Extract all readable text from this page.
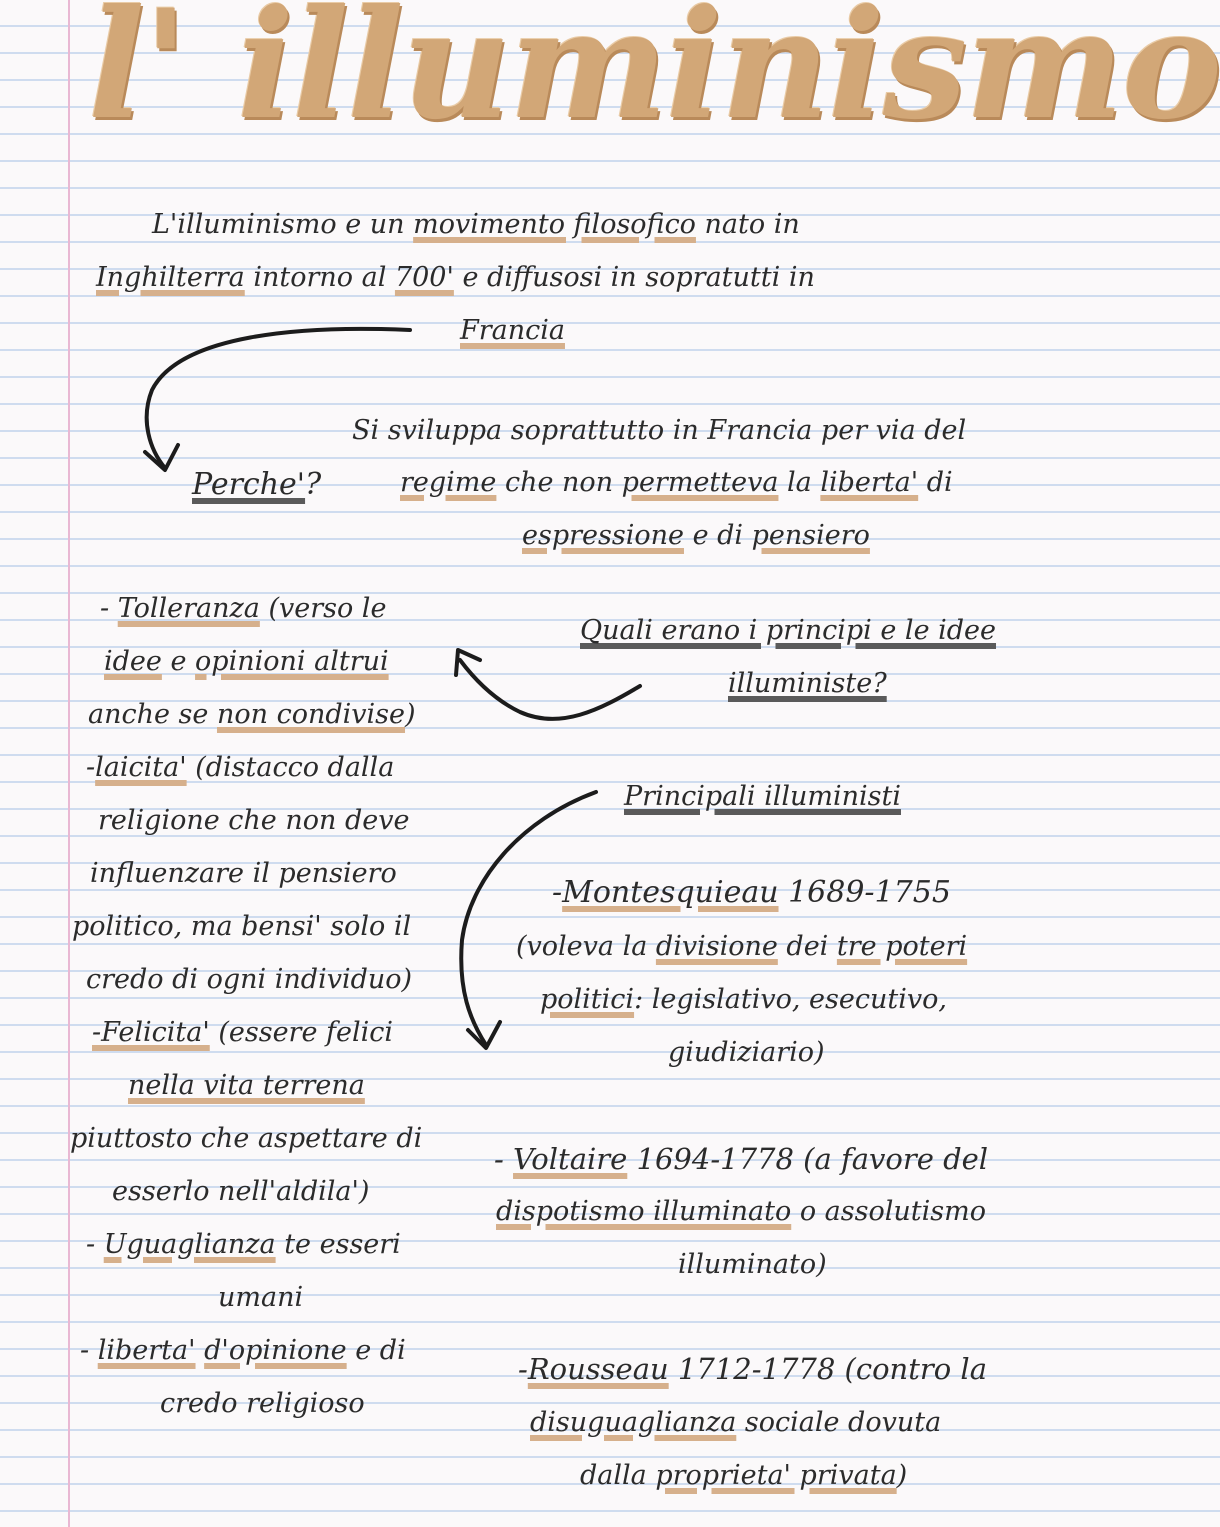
l' illuminismo
L'illuminismo e un movimento filosofico nato in
Inghilterra intorno al 700' e diffusosi in sopratutti in
Francia
Si sviluppa soprattutto in Francia per via del
Perche'?	regime che non permetteva la liberta' di
espressione e di pensiero
Quali erano i principi e le idee
illuministe?
- Tolleranza (verso le
idee e opinioni altrui
anche se non condivise)
-laicita' (distacco dalla
religione che non deve
influenzare il pensiero
politico, ma bensi' solo il
credo di ogni individuo)
-Felicita' (essere felici
nella vita terrena
piuttosto che aspettare di
esserlo nell'aldila')
- Uguaglianza te esseri
umani
- liberta' d'opinione e di
credo religioso
Principali illuministi
-Montesquieau 1689-1755
(voleva la divisione dei tre poteri
politici: legislativo, esecutivo,
giudiziario)
- Voltaire 1694-1778 (a favore del
dispotismo illuminato o assolutismo
illuminato)
-Rousseau 1712-1778 (contro la
disuguaglianza sociale dovuta
dalla proprieta' privata)
